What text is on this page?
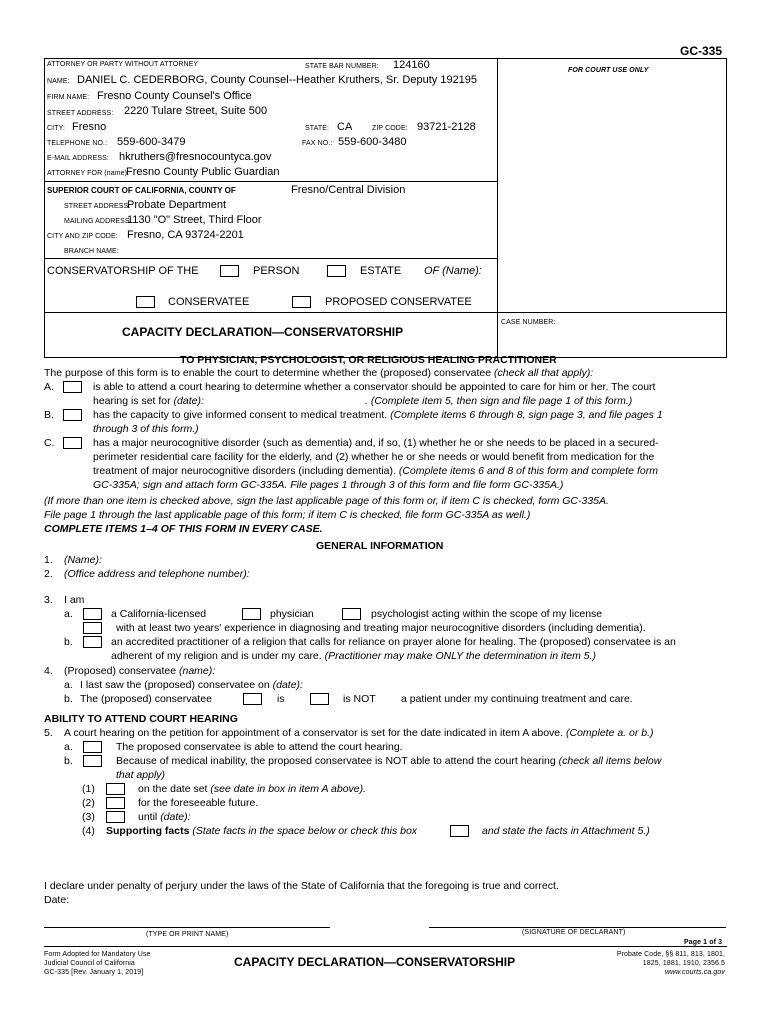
GC-335
ATTORNEY OR PARTY WITHOUT ATTORNEY	STATE BAR NUMBER: 124160	FOR COURT USE ONLY
NAME: DANIEL C. CEDERBORG, County Counsel--Heather Kruthers, Sr. Deputy 192195
FIRM NAME: Fresno County Counsel's Office
STREET ADDRESS: 2220 Tulare Street, Suite 500
CITY: Fresno	STATE: CA	ZIP CODE: 93721-2128
TELEPHONE NO.: 559-600-3479	FAX NO.: 559-600-3480
E-MAIL ADDRESS: hkruthers@fresnocountyca.gov
ATTORNEY FOR (name):
Fresno County Public Guardian
SUPERIOR COURT OF CALIFORNIA, COUNTY OF	Fresno/Central Division
STREET ADDRESS:
Probate Department
MAILING ADDRESS:
1130 "O" Street, Third Floor
CITY AND ZIP CODE: Fresno, CA 93724-2201
BRANCH NAME:
CONSERVATORSHIP OF THE	PERSON	ESTATE OF (Name):
CONSERVATEE	PROPOSED CONSERVATEE
CAPACITY DECLARATION—CONSERVATORSHIP
CASE NUMBER:
TO PHYSICIAN, PSYCHOLOGIST, OR RELIGIOUS HEALING PRACTITIONER
The purpose of this form is to enable the court to determine whether the (proposed) conservatee (check all that apply):
A.	is able to attend a court hearing to determine whether a conservator should be appointed to care for him or her. The court
hearing is set for (date):	. (Complete item 5, then sign and file page 1 of this form.)
B.	has the capacity to give informed consent to medical treatment. (Complete items 6 through 8, sign page 3, and file pages 1
through 3 of this form.)
C.	has a major neurocognitive disorder (such as dementia) and, if so, (1) whether he or she needs to be placed in a secured-
perimeter residential care facility for the elderly, and (2) whether he or she needs or would benefit from medication for the
treatment of major neurocognitive disorders (including dementia). (Complete items 6 and 8 of this form and complete form
GC-335A; sign and attach form GC-335A. File pages 1 through 3 of this form and file form GC-335A.)
(If more than one item is checked above, sign the last applicable page of this form or, if item C is checked, form GC-335A.
File page 1 through the last applicable page of this form; if item C is checked, file form GC-335A as well.)
COMPLETE ITEMS 1–4 OF THIS FORM IN EVERY CASE.
GENERAL INFORMATION
1. (Name):
2. (Office address and telephone number):
3. I am
a.	a California-licensed	physician	psychologist acting within the scope of my license
with at least two years' experience in diagnosing and treating major neurocognitive disorders (including dementia).
b.	an accredited practitioner of a religion that calls for reliance on prayer alone for healing. The (proposed) conservatee is an
adherent of my religion and is under my care. (Practitioner may make ONLY the determination in item 5.)
4. (Proposed) conservatee (name):
a. I last saw the (proposed) conservatee on (date):
b. The (proposed) conservatee	is	is NOT a patient under my continuing treatment and care.
ABILITY TO ATTEND COURT HEARING
5. A court hearing on the petition for appointment of a conservator is set for the date indicated in item A above. (Complete a. or b.)
a.	The proposed conservatee is able to attend the court hearing.
b.	Because of medical inability, the proposed conservatee is NOT able to attend the court hearing (check all items below
that apply)
(1)	on the date set (see date in box in item A above).
(2)	for the foreseeable future.
(3)	until (date):
(4) Supporting facts (State facts in the space below or check this box	and state the facts in Attachment 5.)
I declare under penalty of perjury under the laws of the State of California that the foregoing is true and correct.
Date:
(TYPE OR PRINT NAME)	(SIGNATURE OF DECLARANT)
Page 1 of 3
Form Adopted for Mandatory Use
Judicial Council of California
GC-335 [Rev. January 1, 2019]
CAPACITY DECLARATION—CONSERVATORSHIP
Probate Code, §§ 811, 813, 1801,
1825, 1881, 1910, 2356.5
www.courts.ca.gov
